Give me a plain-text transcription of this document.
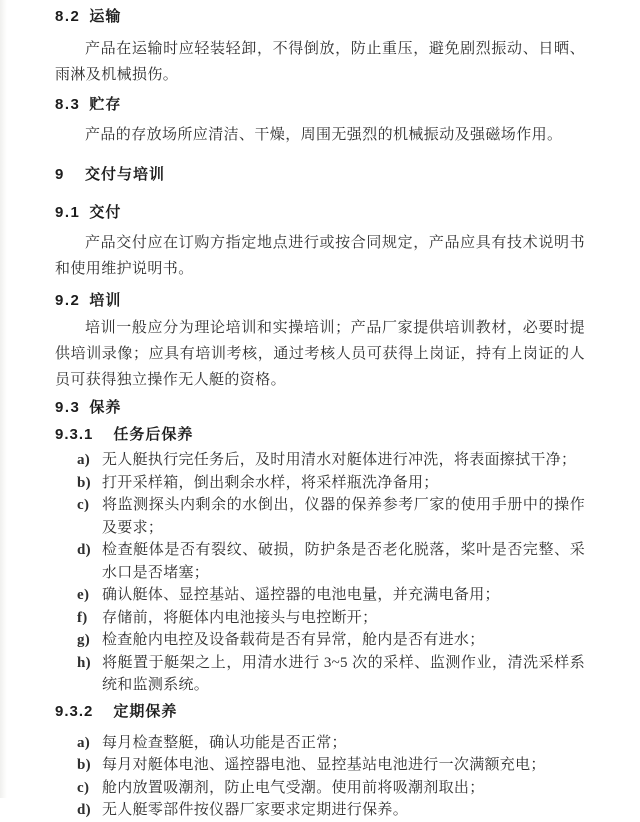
8.2 运输

产品在运输时应轻装轻卸，不得倒放，防止重压，避免剧烈振动、日晒、雨淋及机械损伤。

8.3 贮存

产品的存放场所应清洁、干燥，周围无强烈的机械振动及强磁场作用。

9 交付与培训
9.1 交付

产品交付应在订购方指定地点进行或按合同规定，产品应具有技术说明书和使用维护说明书。

9.2 培训

培训一般应分为理论培训和实操培训；产品厂家提供培训教材，必要时提供培训录像；应具有培训考核，通过考核人员可获得上岗证，持有上岗证的人员可获得独立操作无人艇的资格。

9.3 保养
9.3.1 任务后保养
a) 无人艇执行完任务后，及时用清水对艇体进行冲洗，将表面擦拭干净；
b) 打开采样箱，倒出剩余水样，将采样瓶洗净备用；
c) 将监测探头内剩余的水倒出，仪器的保养参考厂家的使用手册中的操作及要求；
d) 检查艇体是否有裂纹、破损，防护条是否老化脱落，桨叶是否完整、采水口是否堵塞；
e) 确认艇体、显控基站、遥控器的电池电量，并充满电备用；
f) 存储前，将艇体内电池接头与电控断开；
g) 检查舱内电控及设备载荷是否有异常，舱内是否有进水；
h) 将艇置于艇架之上，用清水进行 3~5 次的采样、监测作业，清洗采样系统和监测系统。
9.3.2 定期保养
a) 每月检查整艇，确认功能是否正常；
b) 每月对艇体电池、遥控器电池、显控基站电池进行一次满额充电；
c) 舱内放置吸潮剂，防止电气受潮。使用前将吸潮剂取出；
d) 无人艇零部件按仪器厂家要求定期进行保养。
